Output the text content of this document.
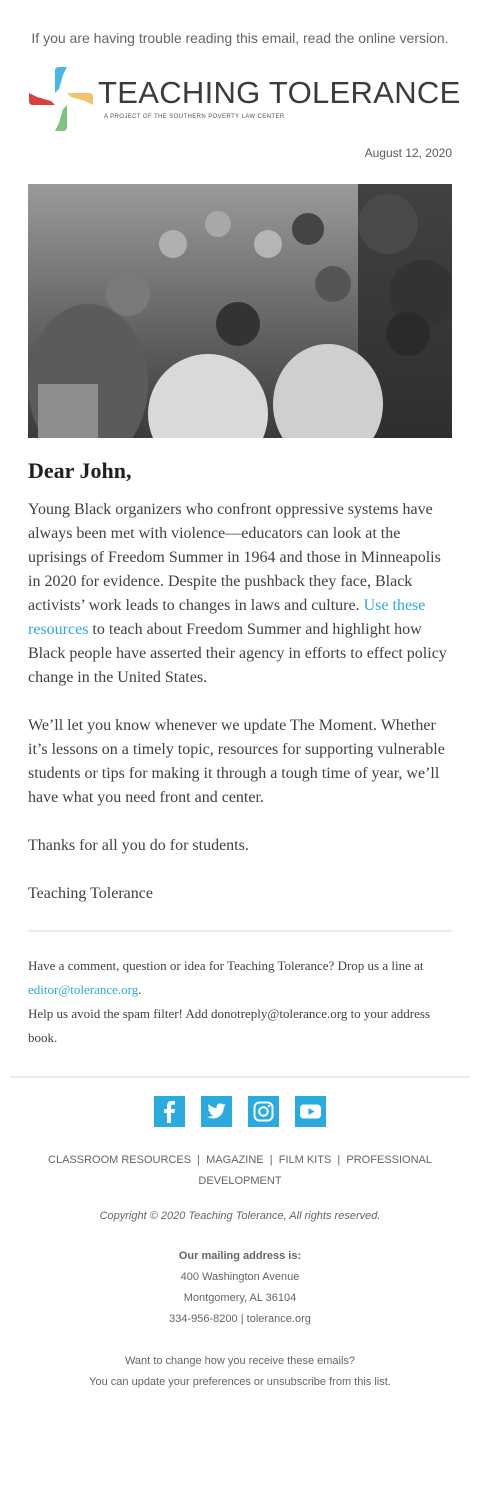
If you are having trouble reading this email, read the online version.
TEACHING TOLERANCE
A PROJECT OF THE SOUTHERN POVERTY LAW CENTER
August 12, 2020
Dear John,

Young Black organizers who confront oppressive systems have always been met with violence—educators can look at the uprisings of Freedom Summer in 1964 and those in Minneapolis in 2020 for evidence. Despite the pushback they face, Black activists’ work leads to changes in laws and culture. Use these resources to teach about Freedom Summer and highlight how Black people have asserted their agency in efforts to effect policy change in the United States.

We’ll let you know whenever we update The Moment. Whether it’s lessons on a timely topic, resources for supporting vulnerable students or tips for making it through a tough time of year, we’ll have what you need front and center.

Thanks for all you do for students.

Teaching Tolerance

Have a comment, question or idea for Teaching Tolerance? Drop us a line at editor@tolerance.org.
Help us avoid the spam filter! Add donotreply@tolerance.org to your address book.

CLASSROOM RESOURCES | MAGAZINE | FILM KITS | PROFESSIONAL DEVELOPMENT
Copyright © 2020 Teaching Tolerance, All rights reserved.
Our mailing address is:
400 Washington Avenue
Montgomery, AL 36104
334-956-8200 | tolerance.org
Want to change how you receive these emails?
You can update your preferences or unsubscribe from this list.
